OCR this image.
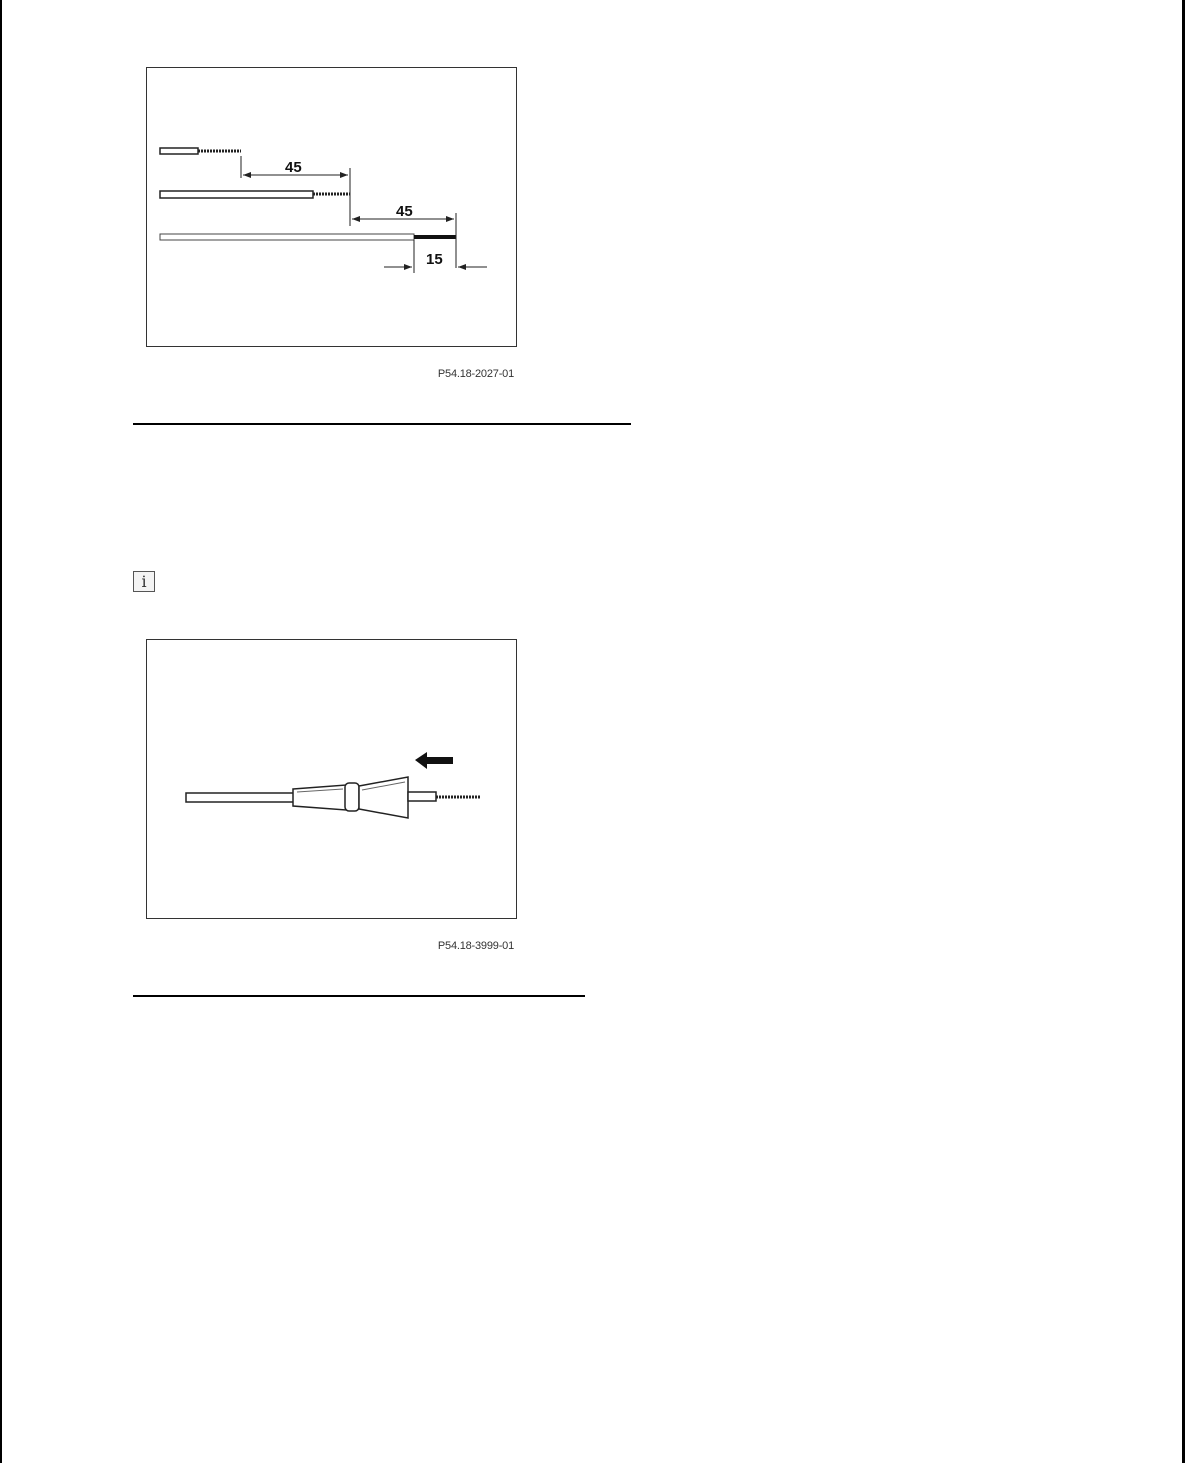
45
45
15
P54.18-2027-01
i
P54.18-3999-01
